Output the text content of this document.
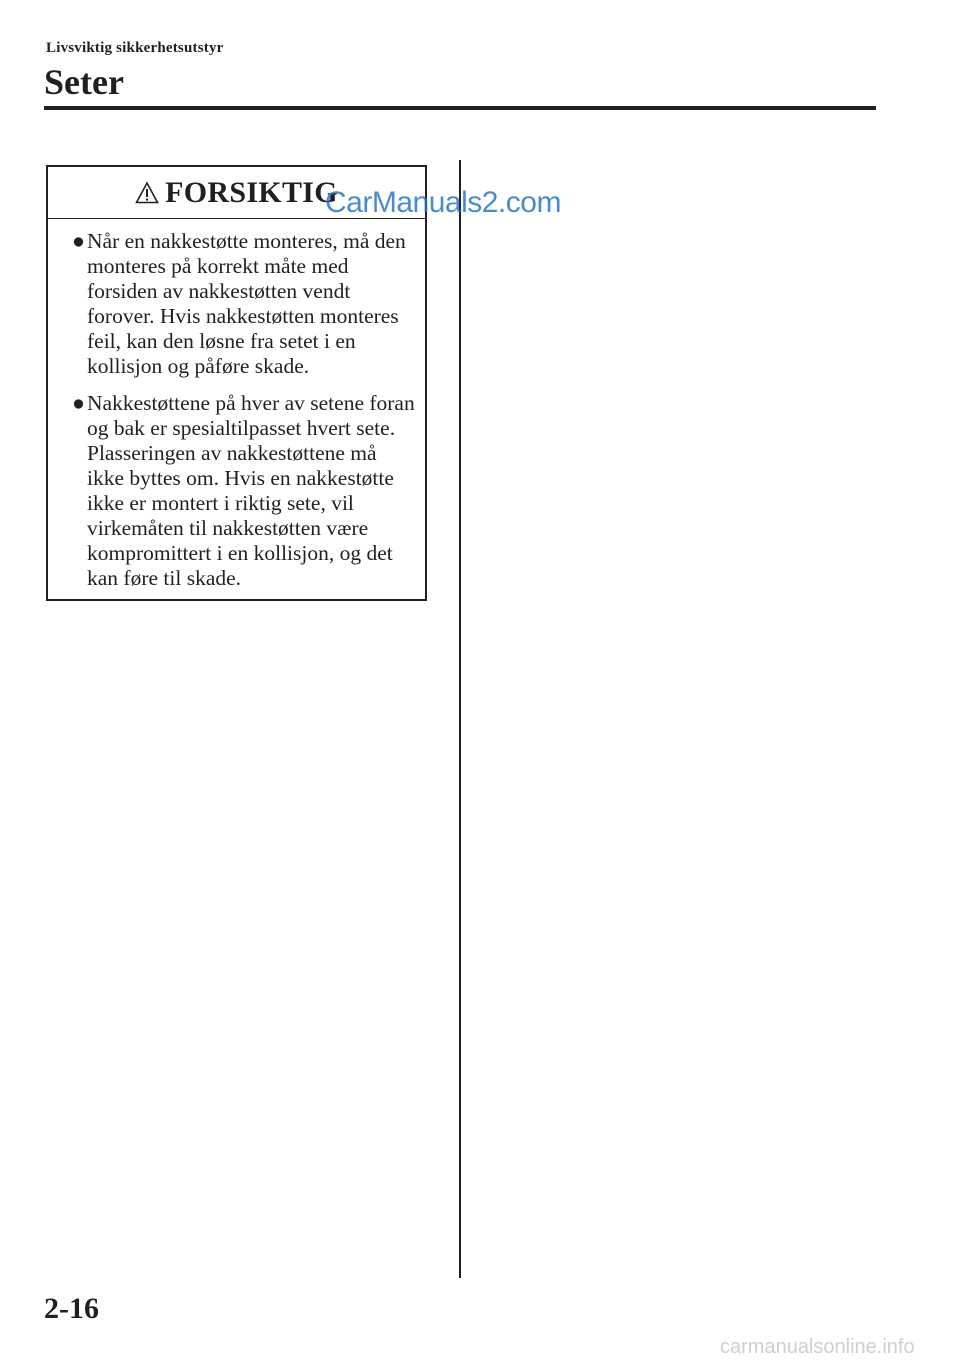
Livsviktig sikkerhetsutstyr
Seter
FORSIKTIG
● Når en nakkestøtte monteres, må den monteres på korrekt måte med forsiden av nakkestøtten vendt forover. Hvis nakkestøtten monteres feil, kan den løsne fra setet i en kollisjon og påføre skade.
● Nakkestøttene på hver av setene foran og bak er spesialtilpasset hvert sete. Plasseringen av nakkestøttene må ikke byttes om. Hvis en nakkestøtte ikke er montert i riktig sete, vil virkemåten til nakkestøtten være kompromittert i en kollisjon, og det kan føre til skade.
CarManuals2.com
2-16
carmanualsonline.info
